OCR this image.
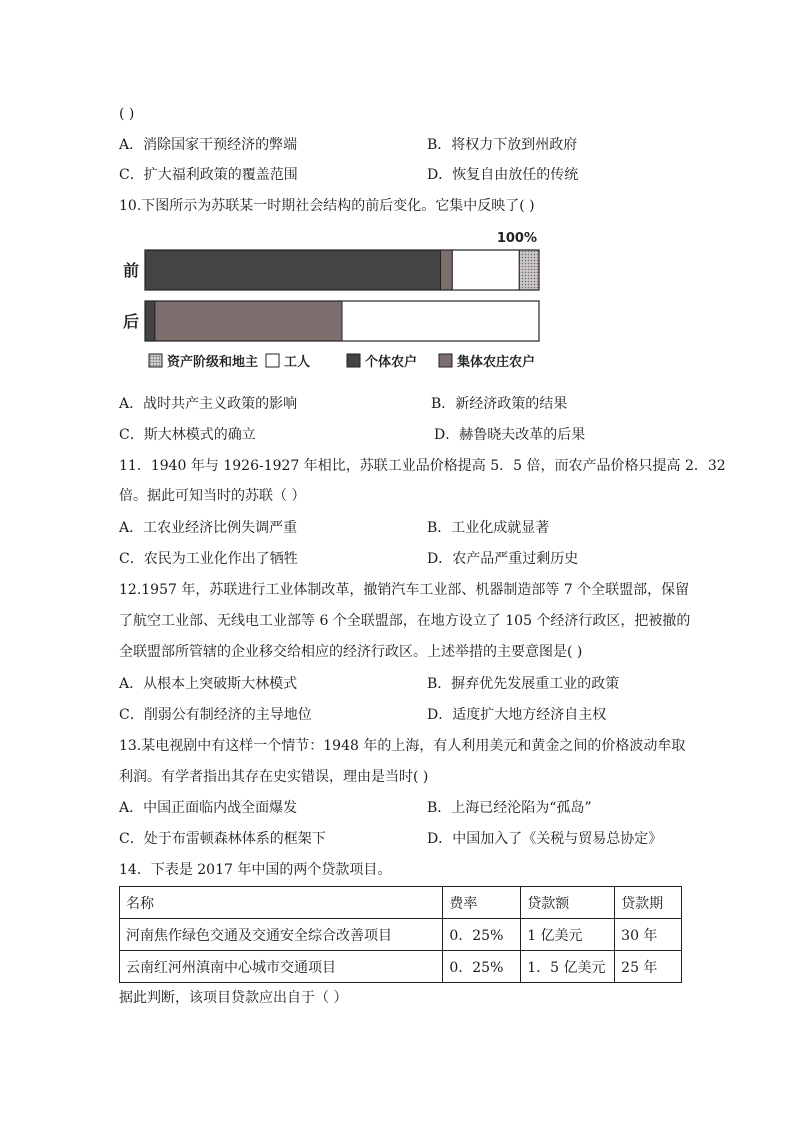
( )
A．消除国家干预经济的弊端	B．将权力下放到州政府
C．扩大福利政策的覆盖范围	D．恢复自由放任的传统
10.下图所示为苏联某一时期社会结构的前后变化。它集中反映了( )
100%
前
后
资产阶级和地主 工人	个体农户	集体农庄农户
A．战时共产主义政策的影响	B．新经济政策的结果
C．斯大林模式的确立	D．赫鲁晓夫改革的后果
11．1940 年与 1926-1927 年相比，苏联工业品价格提高 5．5 倍，而农产品价格只提高 2．32
倍。据此可知当时的苏联（ ）
A．工农业经济比例失调严重	B．工业化成就显著
C．农民为工业化作出了牺牲	D．农产品严重过剩历史
12.1957 年，苏联进行工业体制改革，撤销汽车工业部、机器制造部等 7 个全联盟部，保留
了航空工业部、无线电工业部等 6 个全联盟部，在地方设立了 105 个经济行政区，把被撤的
全联盟部所管辖的企业移交给相应的经济行政区。上述举措的主要意图是( )
A．从根本上突破斯大林模式	B．摒弃优先发展重工业的政策
C．削弱公有制经济的主导地位	D．适度扩大地方经济自主权
13.某电视剧中有这样一个情节：1948 年的上海，有人利用美元和黄金之间的价格波动牟取
利润。有学者指出其存在史实错误，理由是当时( )
A．中国正面临内战全面爆发	B．上海已经沦陷为“孤岛”
C．处于布雷顿森林体系的框架下	D．中国加入了《关税与贸易总协定》
14．下表是 2017 年中国的两个贷款项目。
名称	费率	贷款额	贷款期
河南焦作绿色交通及交通安全综合改善项目	0．25%	1 亿美元	30 年
云南红河州滇南中心城市交通项目	0．25%	1．5 亿美元	25 年
据此判断，该项目贷款应出自于（ ）
